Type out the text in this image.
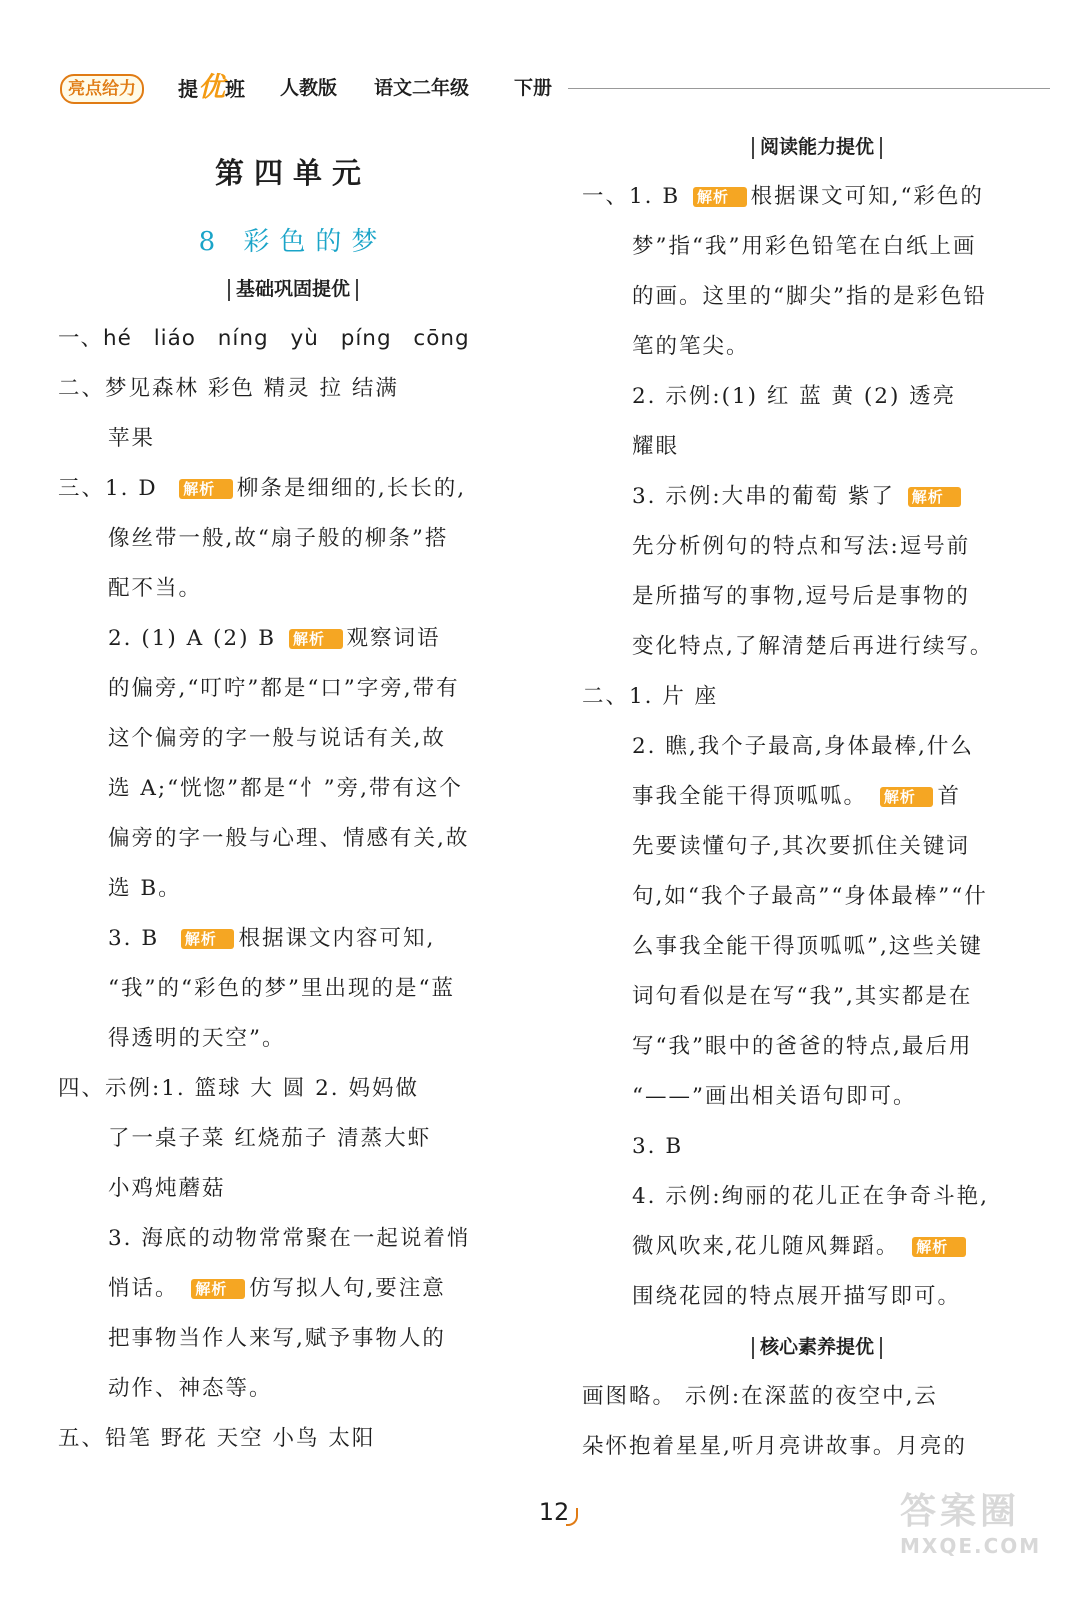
亮点给力	提优班 人教版 语文二年级 下册
第四单元
8 彩色的梦
基础巩固提优
一、hé liáo níng yù píng cōng
二、梦见森林 彩色 精灵 拉 结满
苹果
三、1. D 解析 • 柳条是细细的,长长的,
像丝带一般,故“扇子般的柳条”搭
配不当。
2. (1) A (2) B 解析 • 观察词语
的偏旁,“叮咛”都是“口”字旁,带有
这个偏旁的字一般与说话有关,故
选 A;“恍惚”都是“忄”旁,带有这个
偏旁的字一般与心理、情感有关,故
选 B。
3. B 解析 • 根据课文内容可知,
“我”的“彩色的梦”里出现的是“蓝
得透明的天空”。
四、示例:1. 篮球 大 圆 2. 妈妈做
了一桌子菜 红烧茄子 清蒸大虾
小鸡炖蘑菇
3. 海底的动物常常聚在一起说着悄
悄话。 解析 • 仿写拟人句,要注意
把事物当作人来写,赋予事物人的
动作、神态等。
五、铅笔 野花 天空 小鸟 太阳
阅读能力提优
一、1. B 解析 • 根据课文可知,“彩色的
梦”指“我”用彩色铅笔在白纸上画
的画。这里的“脚尖”指的是彩色铅
笔的笔尖。
2. 示例:(1) 红 蓝 黄 (2) 透亮
耀眼
3. 示例:大串的葡萄 紫了 解析 •
先分析例句的特点和写法:逗号前
是所描写的事物,逗号后是事物的
变化特点,了解清楚后再进行续写。
二、1. 片 座
2. 瞧,我个子最高,身体最棒,什么
事我全能干得顶呱呱。 解析 • 首
先要读懂句子,其次要抓住关键词
句,如“我个子最高”“身体最棒”“什
么事我全能干得顶呱呱”,这些关键
词句看似是在写“我”,其实都是在
写“我”眼中的爸爸的特点,最后用
“——”画出相关语句即可。
3. B
4. 示例:绚丽的花儿正在争奇斗艳,
微风吹来,花儿随风舞蹈。 解析 •
围绕花园的特点展开描写即可。
核心素养提优
画图略。 示例:在深蓝的夜空中,云
朵怀抱着星星,听月亮讲故事。月亮的
12	答案圈
MXQE.COM
